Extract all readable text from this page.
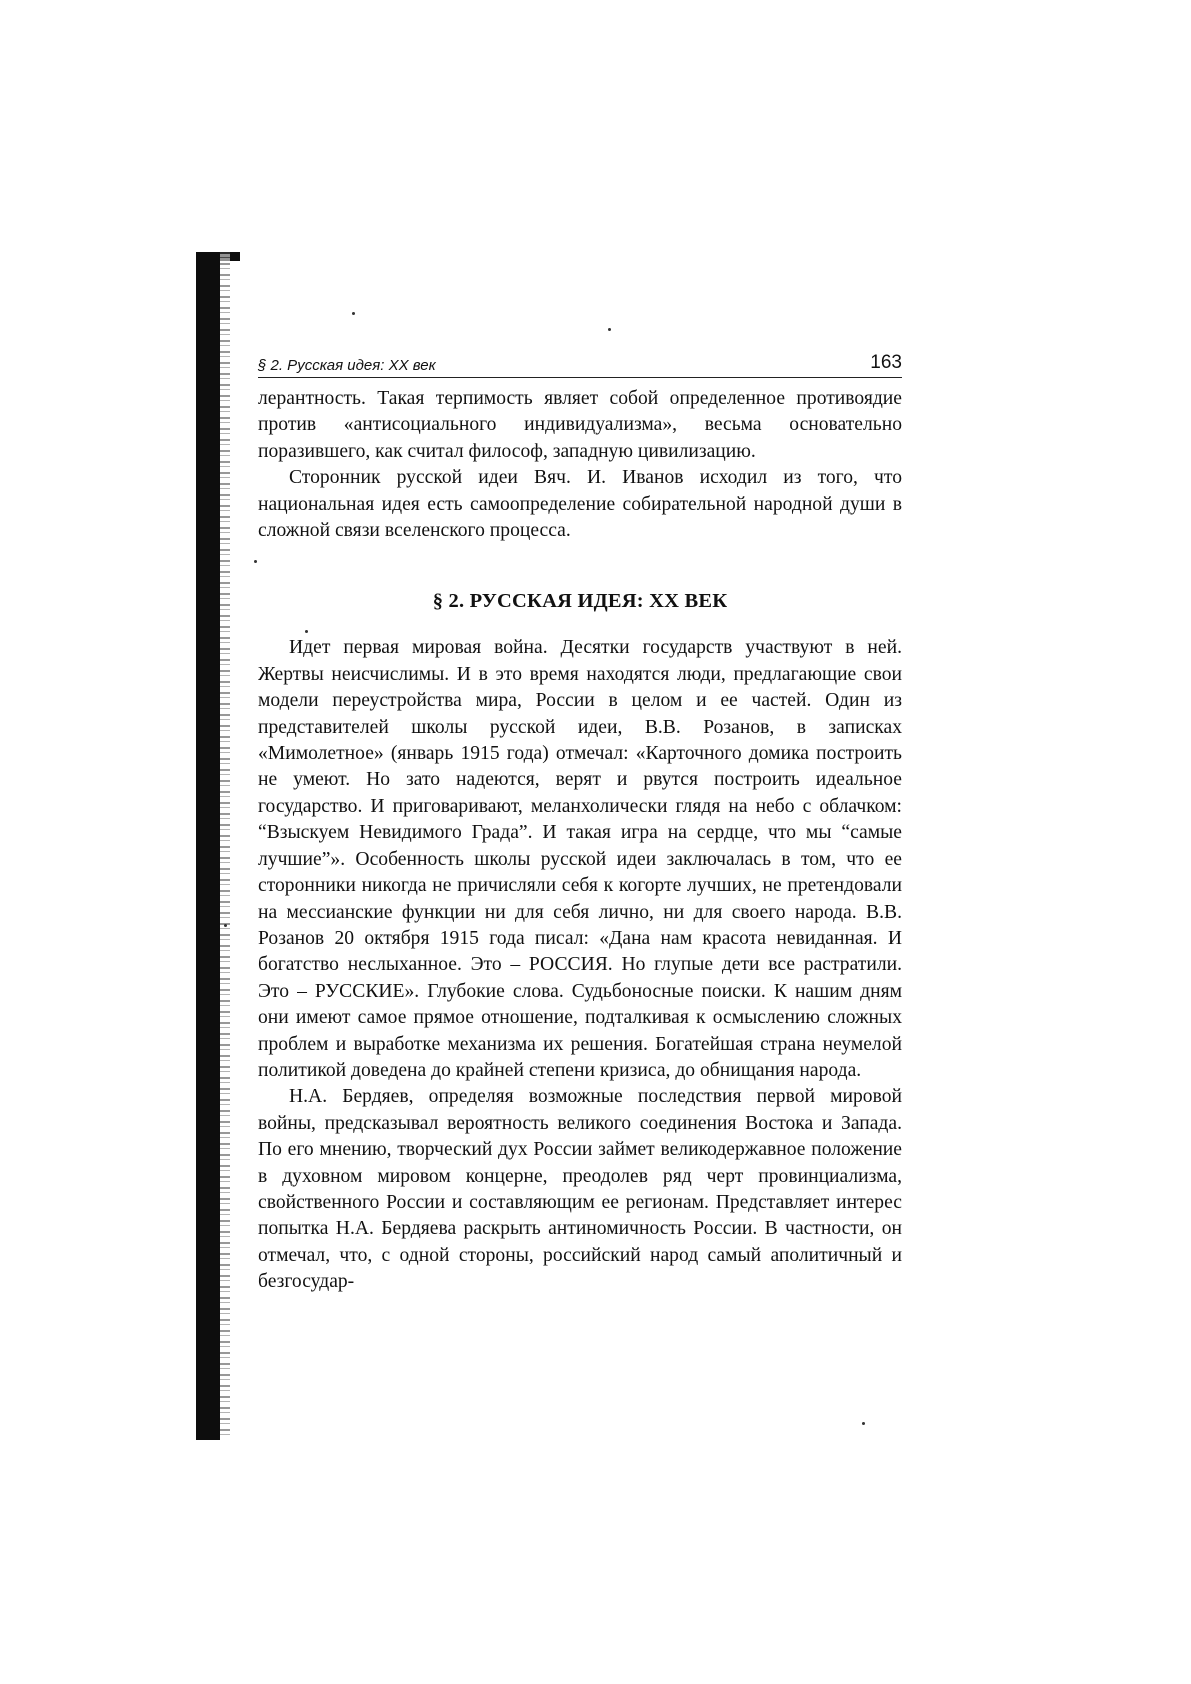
§ 2. Русская идея: XX век	163

лерантность. Такая терпимость являет собой определенное противоядие против «антисоциального индивидуализма», весьма основательно поразившего, как считал философ, западную цивилизацию.

Сторонник русской идеи Вяч. И. Иванов исходил из того, что национальная идея есть самоопределение собирательной народной души в сложной связи вселенского процесса.

§ 2. РУССКАЯ ИДЕЯ: XX ВЕК

Идет первая мировая война. Десятки государств участвуют в ней. Жертвы неисчислимы. И в это время находятся люди, предлагающие свои модели переустройства мира, России в целом и ее частей. Один из представителей школы русской идеи, В.В. Розанов, в записках «Мимолетное» (январь 1915 года) отмечал: «Карточного домика построить не умеют. Но зато надеются, верят и рвутся построить идеальное государство. И приговаривают, меланхолически глядя на небо с облачком: “Взыскуем Невидимого Града”. И такая игра на сердце, что мы “самые лучшие”». Особенность школы русской идеи заключалась в том, что ее сторонники никогда не причисляли себя к когорте лучших, не претендовали на мессианские функции ни для себя лично, ни для своего народа. В.В. Розанов 20 октября 1915 года писал: «Дана нам красота невиданная. И богатство неслыханное. Это – РОССИЯ. Но глупые дети все растратили. Это – РУССКИЕ». Глубокие слова. Судьбоносные поиски. К нашим дням они имеют самое прямое отношение, подталкивая к осмыслению сложных проблем и выработке механизма их решения. Богатейшая страна неумелой политикой доведена до крайней степени кризиса, до обнищания народа.

Н.А. Бердяев, определяя возможные последствия первой мировой войны, предсказывал вероятность великого соединения Востока и Запада. По его мнению, творческий дух России займет великодержавное положение в духовном мировом концерне, преодолев ряд черт провинциализма, свойственного России и составляющим ее регионам. Представляет интерес попытка Н.А. Бердяева раскрыть антиномичность России. В частности, он отмечал, что, с одной стороны, российский народ самый аполитичный и безгосудар-
